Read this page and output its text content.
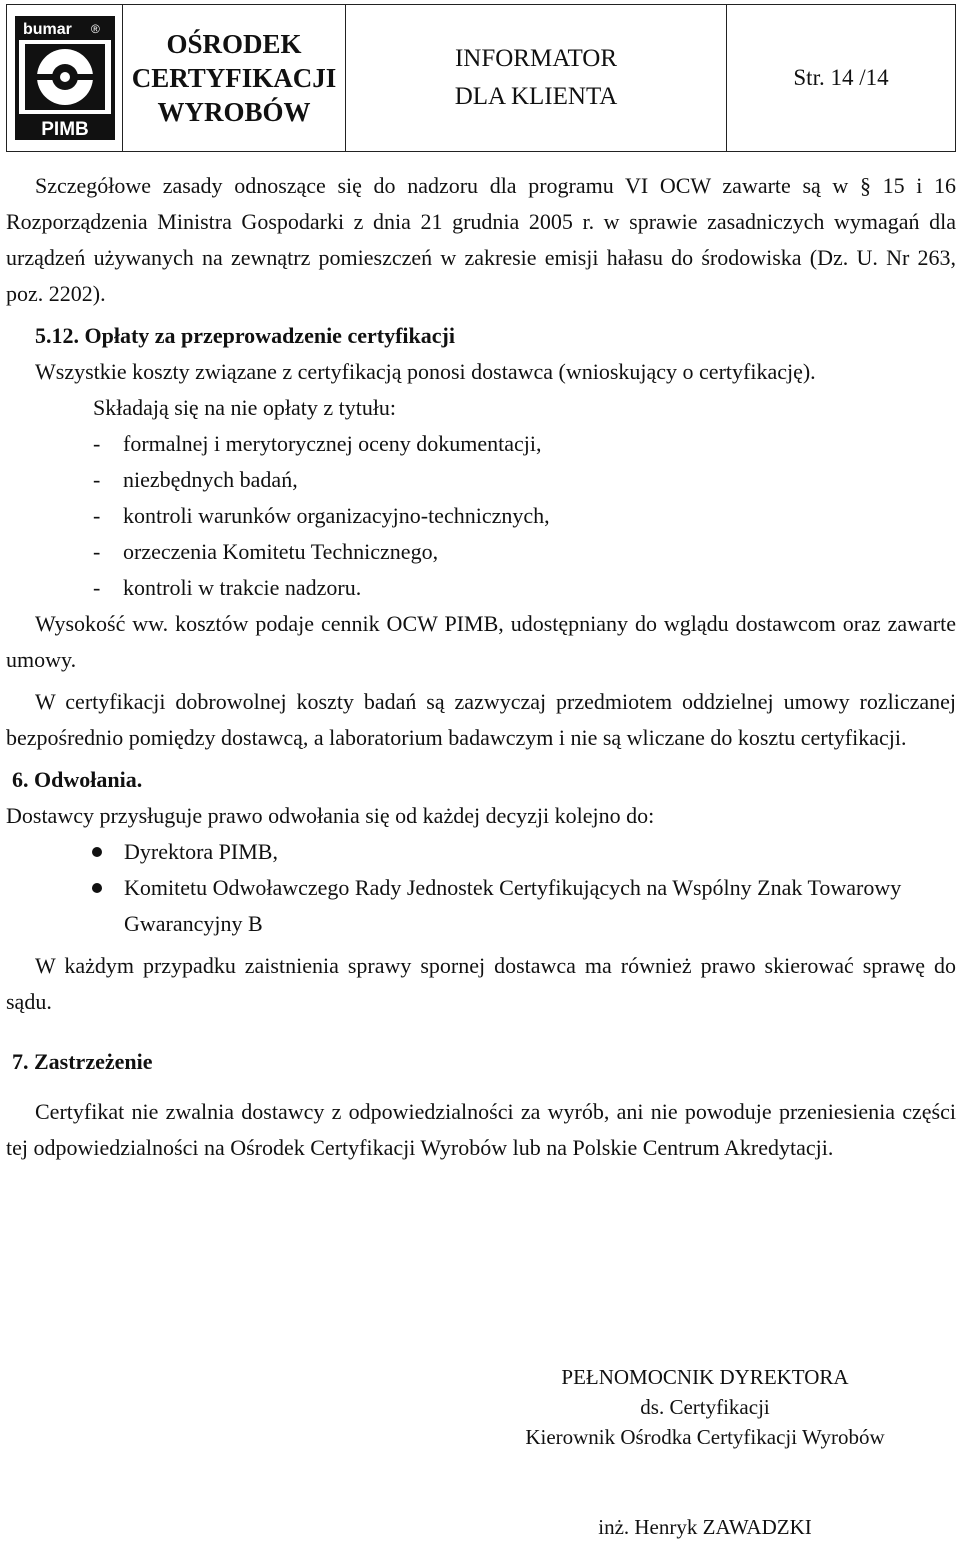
bumar ®
PIMB

OŚRODEK
CERTYFIKACJI
WYROBÓW

INFORMATOR
DLA KLIENTA
	Str. 14 /14

Szczegółowe zasady odnoszące się do nadzoru dla programu VI OCW zawarte są w § 15 i 16 Rozporządzenia Ministra Gospodarki z dnia 21 grudnia 2005 r. w sprawie zasadniczych wymagań dla urządzeń używanych na zewnątrz pomieszczeń w zakresie emisji hałasu do środowiska (Dz. U. Nr 263, poz. 2202).

5.12. Opłaty za przeprowadzenie certyfikacji

Wszystkie koszty związane z certyfikacją ponosi dostawca (wnioskujący o certyfikację).

Składają się na nie opłaty z tytułu:

- formalnej i merytorycznej oceny dokumentacji,
- niezbędnych badań,
- kontroli warunków organizacyjno-technicznych,
- orzeczenia Komitetu Technicznego,
- kontroli w trakcie nadzoru.

Wysokość ww. kosztów podaje cennik OCW PIMB, udostępniany do wglądu dostawcom oraz zawarte umowy.

W certyfikacji dobrowolnej koszty badań są zazwyczaj przedmiotem oddzielnej umowy rozliczanej bezpośrednio pomiędzy dostawcą, a laboratorium badawczym i nie są wliczane do kosztu certyfikacji.

6. Odwołania.

Dostawcy przysługuje prawo odwołania się od każdej decyzji kolejno do:

Dyrektora PIMB,
Komitetu Odwoławczego Rady Jednostek Certyfikujących na Wspólny Znak Towarowy Gwarancyjny B

W każdym przypadku zaistnienia sprawy spornej dostawca ma również prawo skierować sprawę do sądu.

7. Zastrzeżenie

Certyfikat nie zwalnia dostawcy z odpowiedzialności za wyrób, ani nie powoduje przeniesienia części tej odpowiedzialności na Ośrodek Certyfikacji Wyrobów lub na Polskie Centrum Akredytacji.

PEŁNOMOCNIK DYREKTORA
ds. Certyfikacji
Kierownik Ośrodka Certyfikacji Wyrobów
inż. Henryk ZAWADZKI
